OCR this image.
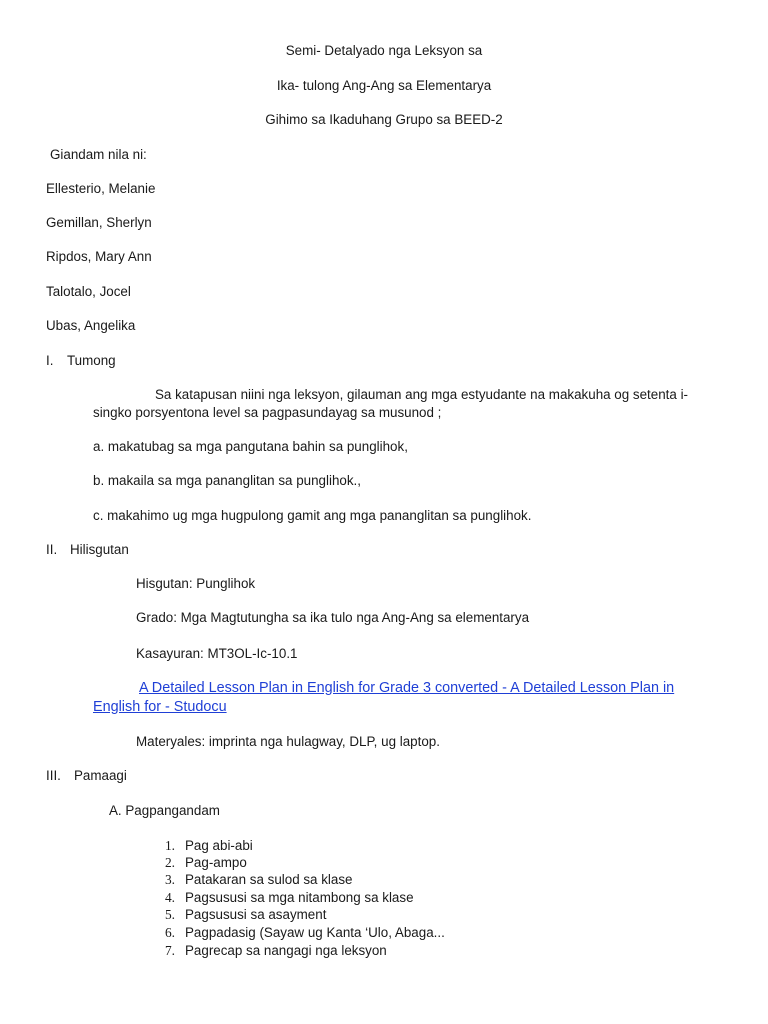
Semi- Detalyado nga Leksyon sa
Ika- tulong Ang-Ang sa Elementarya
Gihimo sa Ikaduhang Grupo sa BEED-2
Giandam nila ni:
Ellesterio, Melanie
Gemillan, Sherlyn
Ripdos, Mary Ann
Talotalo, Jocel
Ubas, Angelika
I. Tumong
Sa katapusan niini nga leksyon, gilauman ang mga estyudante na makakuha og setenta i-
singko porsyentona level sa pagpasundayag sa musunod ;
a. makatubag sa mga pangutana bahin sa punglihok,
b. makaila sa mga pananglitan sa punglihok.,
c. makahimo ug mga hugpulong gamit ang mga pananglitan sa punglihok.
II. Hilisgutan
Hisgutan: Punglihok
Grado: Mga Magtutungha sa ika tulo nga Ang-Ang sa elementarya
Kasayuran: MT3OL-Ic-10.1
A Detailed Lesson Plan in English for Grade 3 converted - A Detailed Lesson Plan in
English for - Studocu
Materyales: imprinta nga hulagway, DLP, ug laptop.
III. Pamaagi
A. Pagpangandam
1. Pag abi-abi
2. Pag-ampo
3. Patakaran sa sulod sa klase
4. Pagsususi sa mga nitambong sa klase
5. Pagsususi sa asayment
6. Pagpadasig (Sayaw ug Kanta ‘Ulo, Abaga...
7. Pagrecap sa nangagi nga leksyon
